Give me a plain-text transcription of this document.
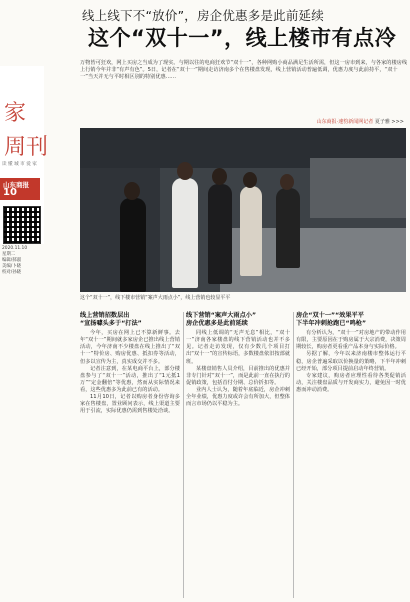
线上线下不“放价”，房企优惠多是此前延续
这个“双十一”，线上楼市有点冷
万物皆可狂欢，网上买房之当成为了现实。与期以往的电商狂欢节“双十一”，各种网购小商品满足生活所需，但这一房市到来，与各家的楼房线上行销今年并非“有声有色”。5日，记者在“双十一”期间走访济南多个在售楼盘发现，线上营销活动普遍低调，优惠力度与此前持平，“双十一”当天并无与平时相区别的特别优惠……
山东商报·速豹新闻网记者 夏子雅 >>>
家
周刊
读 懂 城 市 爱 家
山东商报
10
2020.11.10
星期二
编辑/郝淑
美编/卜晓
校对/孙晓
这个“双十一”，线下楼市营销“案声大雨点小”，线上营销也较显平平
线上营销招数层出
“宣扬噱头多于“打法”

今年，买房在网上已不算新鲜事。去年“双十一”期间就多家房企已推出线上营销活动，今年济南不少楼盘在线上推出了“双十一”特价房、购房优惠、抵扣券等活动，但多以宣传为主，真实成交并不多。

记者注意到，在某电商平台上，部分楼盘参与了“双十一”活动，推出了“1元抵1万”“定金翻倍”等优惠，然而从实际情况来看，这些优惠多为此前已有的活动。

11月10日，记者以购房者身份咨询多家在售楼盘，置业顾问表示，线上渠道主要用于引流，实际优惠仍需到售楼处洽谈。

线下营销“案声大雨点小”
房企优惠多是此前延续

同线上低调的“无声无息”相比，“双十一”济南各家楼盘的线下营销活动也并不多见。记者走访发现，仅有少数几个项目打出“双十一”的宣传标语，多数楼盘依旧按部就班。

某楼盘销售人员介绍，目前推出的优惠并非专门针对“双十一”，而是此前一直在执行的促销政策，包括首付分期、总价折扣等。

业内人士认为，随着年底临近，房企冲刺全年业绩，优惠力度或许会有所加大，但整体而言市场仍以平稳为主。

房企“双十一”“效果平平
下半年冲刺抢跑已“鸣枪”

有分析认为，“双十一”对房地产的带动作用有限，主要原因在于购房属于大宗消费，决策周期较长，购房者更看重产品本身与实际价格。

另据了解，今年以来济南楼市整体运行平稳，房企普遍采取以价换量的策略，下半年冲刺已经开始，部分项目提前启动年终营销。

专家建议，购房者应理性看待各类促销活动，关注楼盘品质与开发商实力，避免因一时优惠而冲动消费。
